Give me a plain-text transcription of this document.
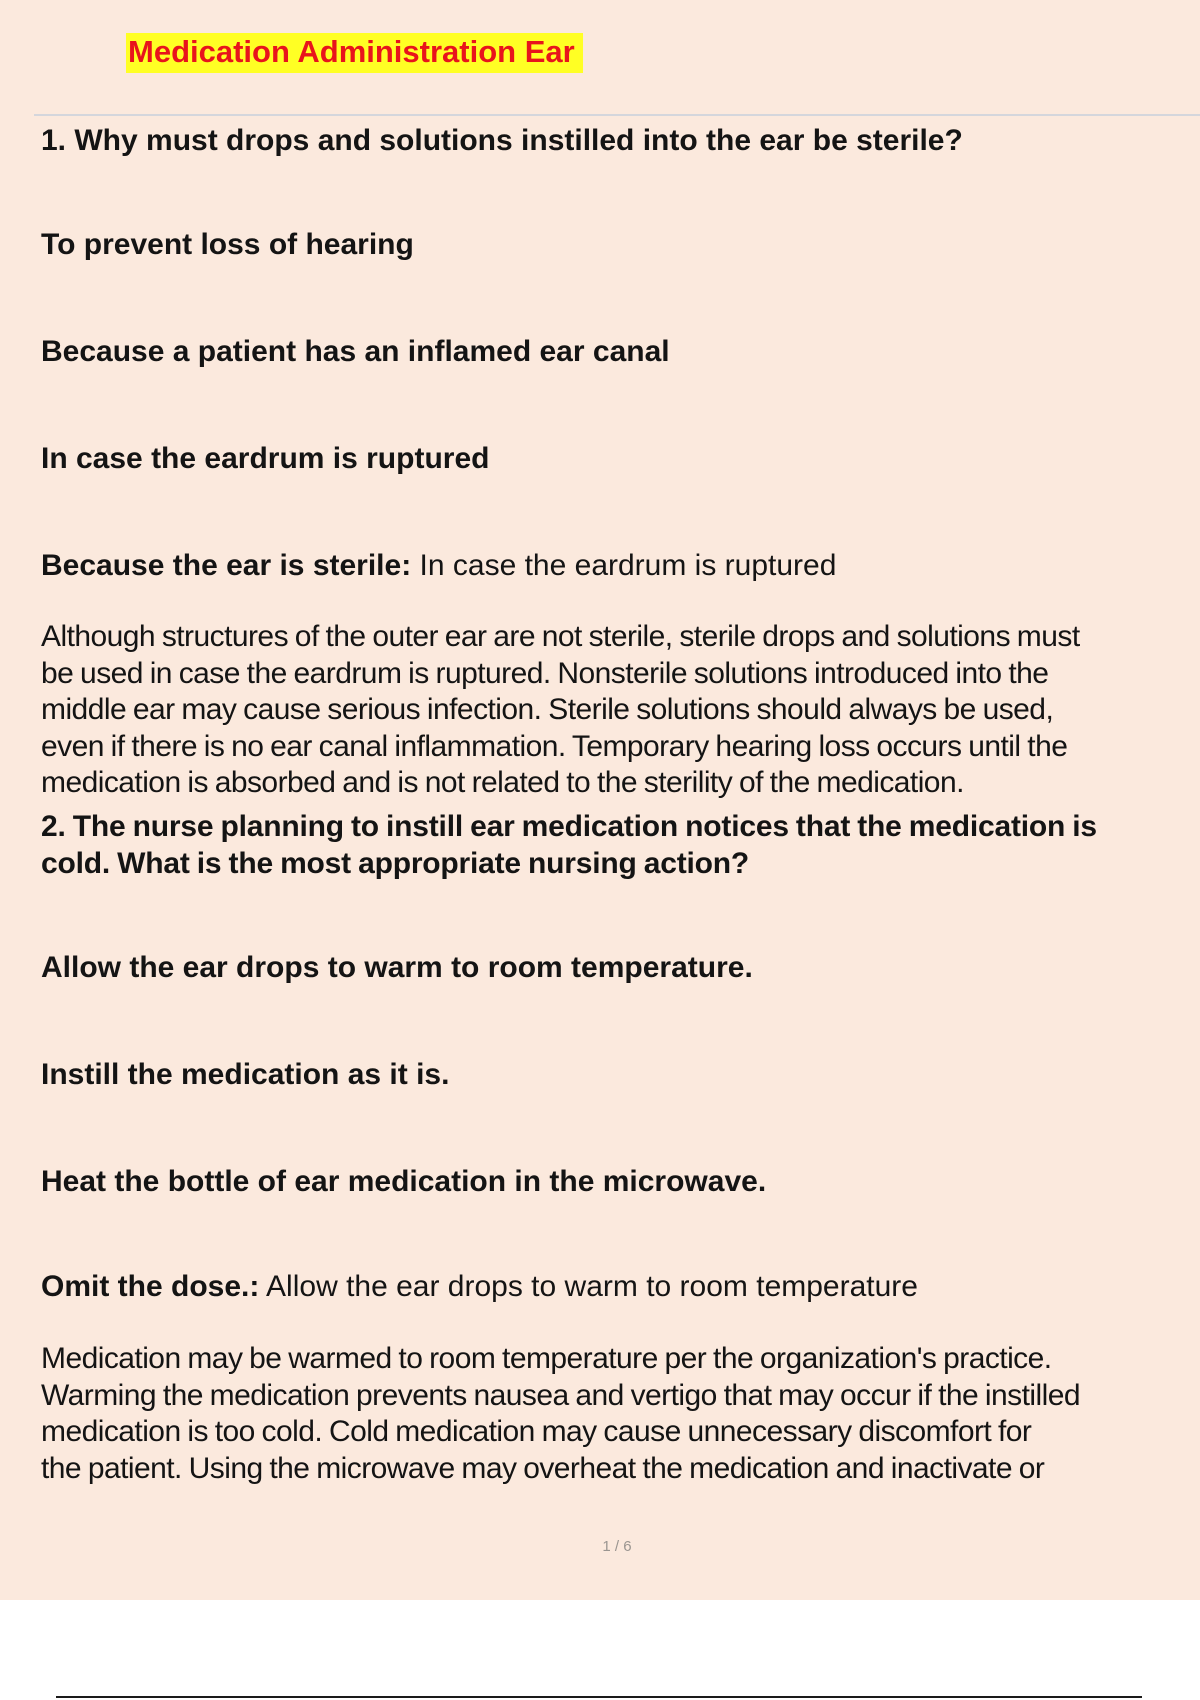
Medication Administration Ear
1. Why must drops and solutions instilled into the ear be sterile?
To prevent loss of hearing
Because a patient has an inflamed ear canal
In case the eardrum is ruptured
Because the ear is sterile: In case the eardrum is ruptured
Although structures of the outer ear are not sterile, sterile drops and solutions must
be used in case the eardrum is ruptured. Nonsterile solutions introduced into the
middle ear may cause serious infection. Sterile solutions should always be used,
even if there is no ear canal inflammation. Temporary hearing loss occurs until the
medication is absorbed and is not related to the sterility of the medication.
2. The nurse planning to instill ear medication notices that the medication is
cold. What is the most appropriate nursing action?
Allow the ear drops to warm to room temperature.
Instill the medication as it is.
Heat the bottle of ear medication in the microwave.
Omit the dose.: Allow the ear drops to warm to room temperature
Medication may be warmed to room temperature per the organization's practice.
Warming the medication prevents nausea and vertigo that may occur if the instilled
medication is too cold. Cold medication may cause unnecessary discomfort for
the patient. Using the microwave may overheat the medication and inactivate or
1 / 6
